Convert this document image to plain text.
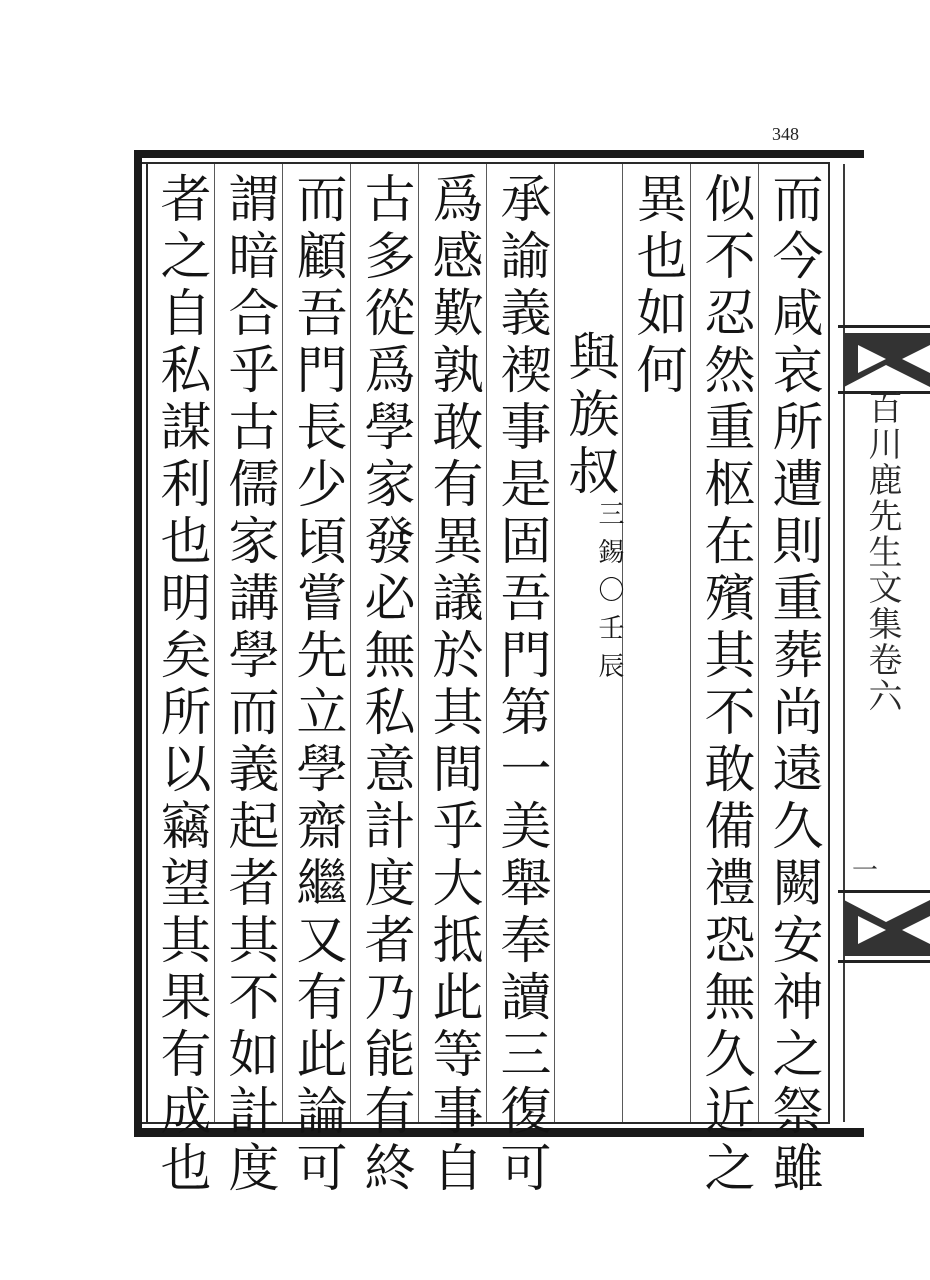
348
而今咸哀所遭則重葬尚遠久闕安神之祭雖
似不忍然重枢在殯其不敢備禮恐無久近之
異也如何
與族叔
三錫〇壬辰
承諭義禊事是固吾門第一美舉奉讀三復可
爲感歎孰敢有異議於其間乎大抵此等事自
古多從爲學家發必無私意計度者乃能有終
而顧吾門長少頃嘗先立學齋繼又有此論可
謂暗合乎古儒家講學而義起者其不如計度
者之自私謀利也明矣所以竊望其果有成也	百川鹿先生文集卷六
一
